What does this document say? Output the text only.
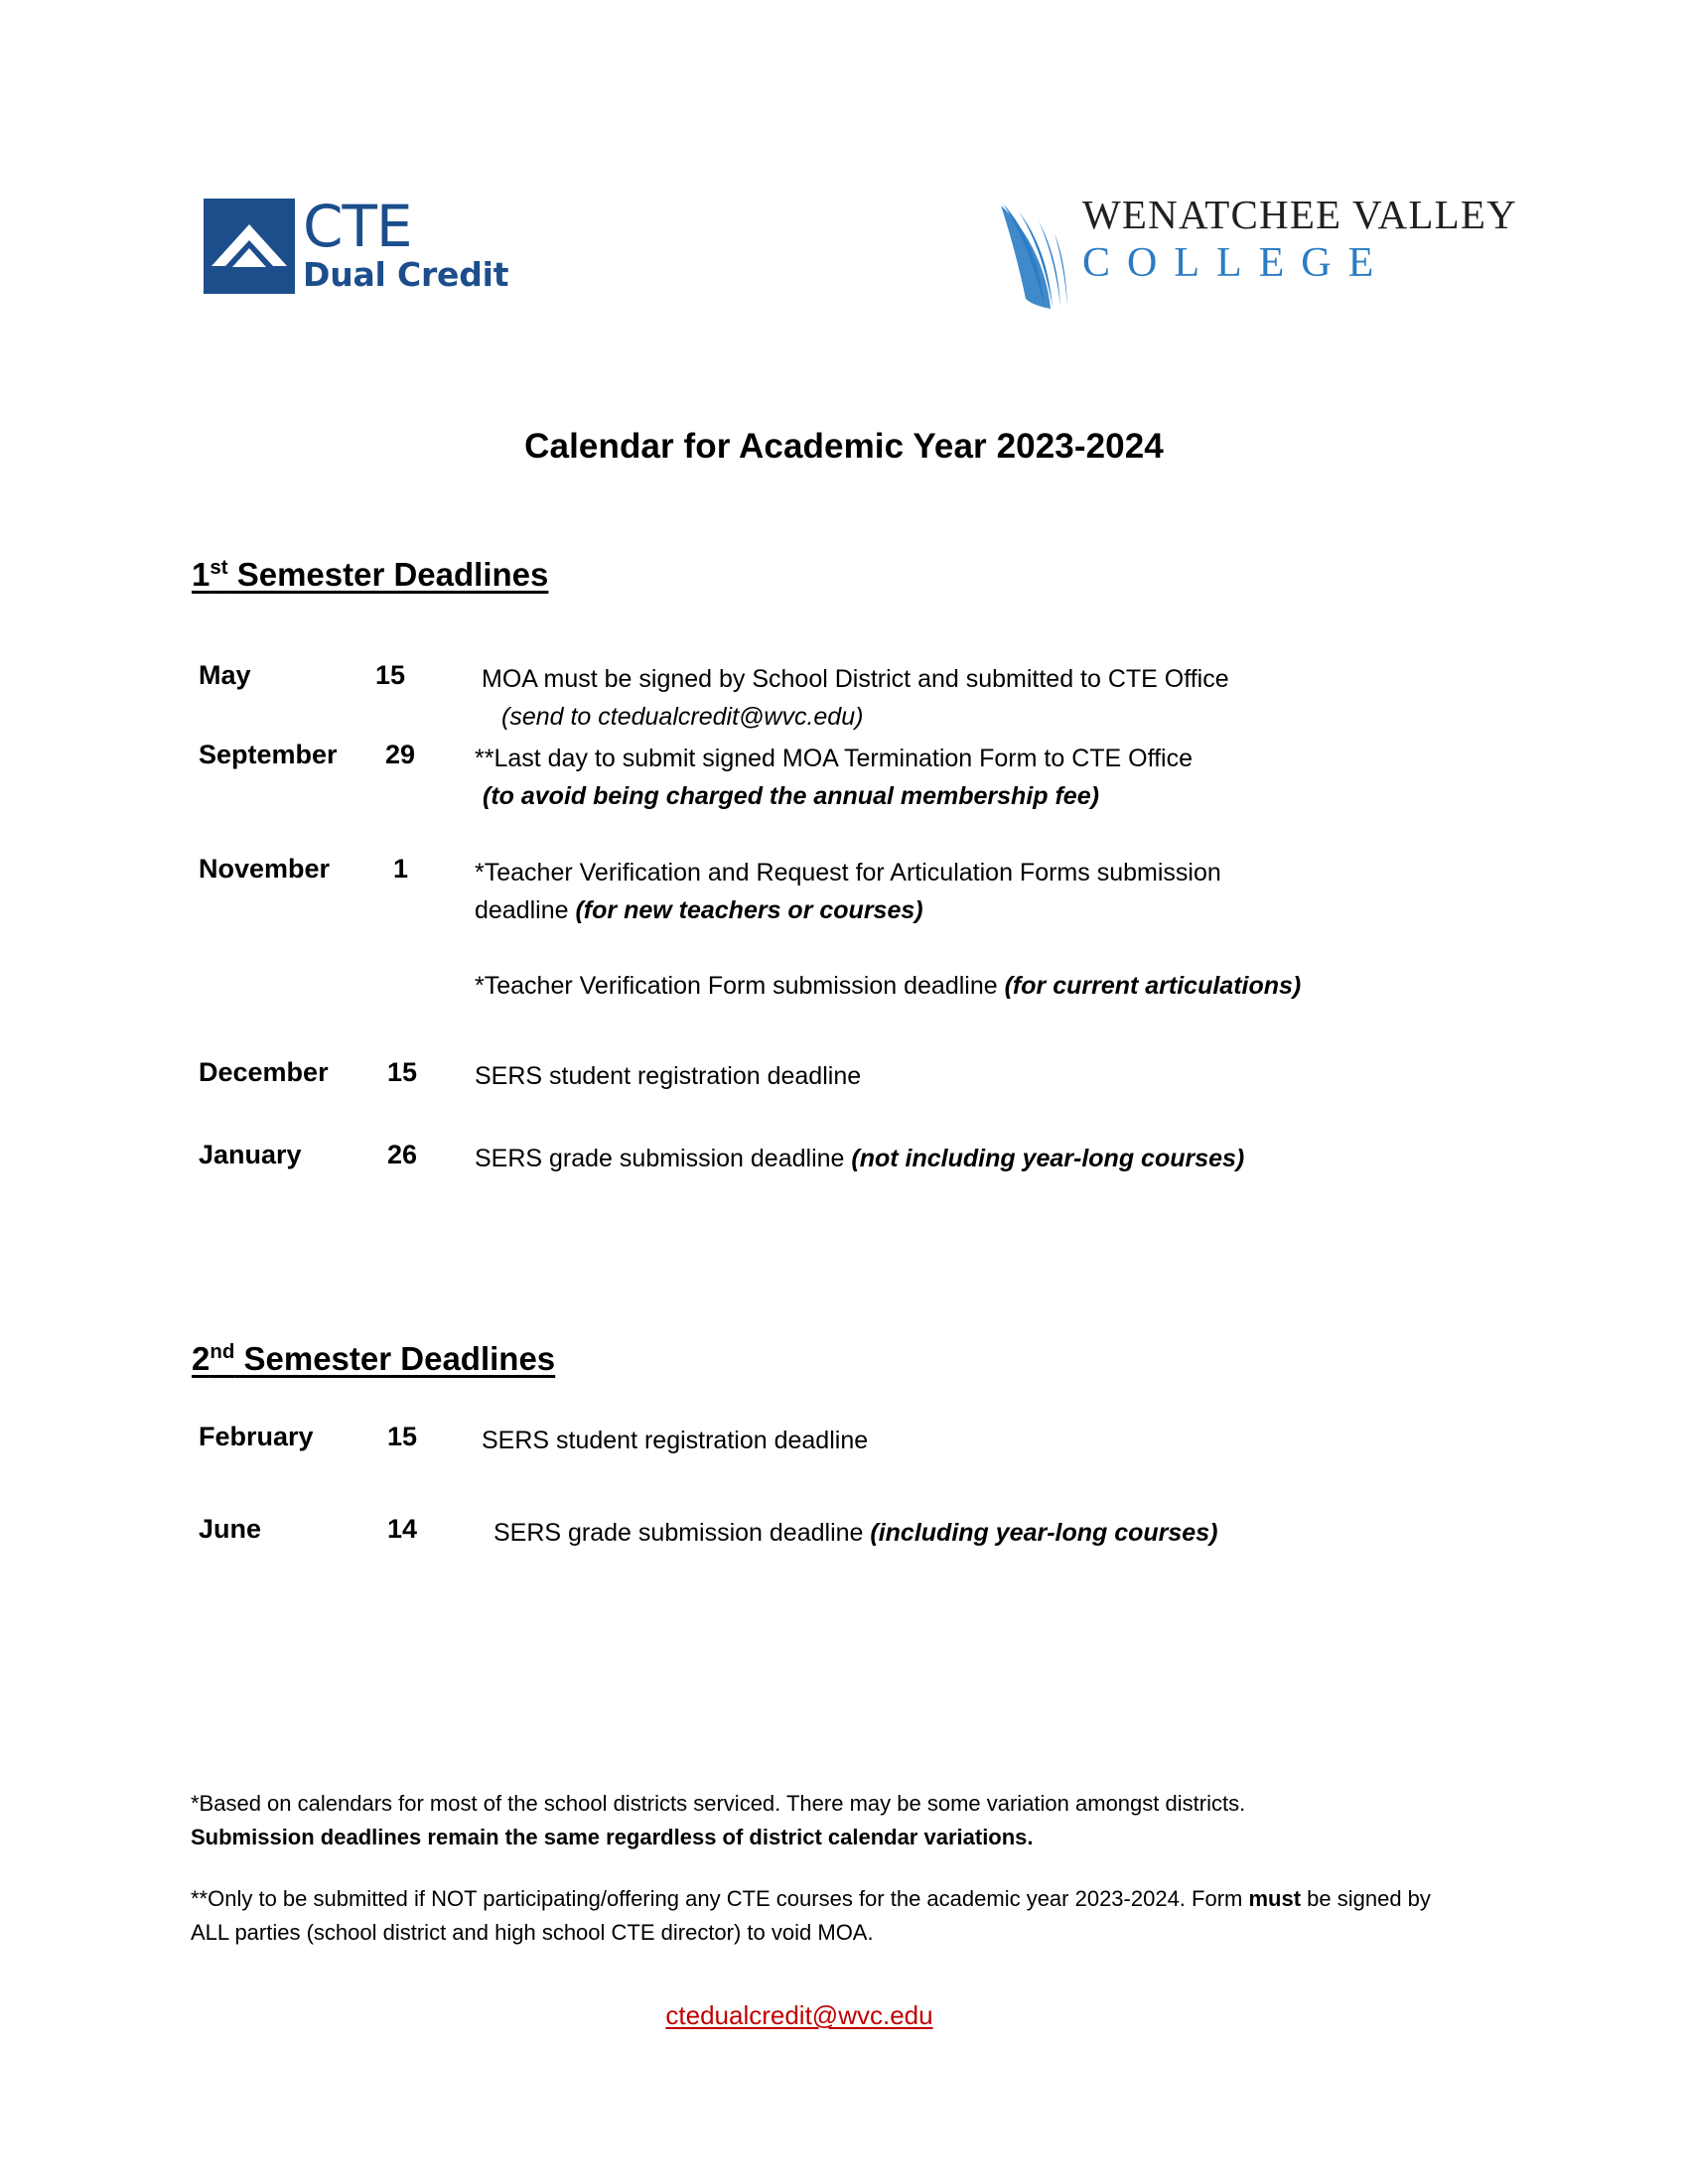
CTE
Dual Credit
WENATCHEE VALLEY
COLLEGE
Calendar for Academic Year 2023-2024
1st Semester Deadlines
May	15	MOA must be signed by School District and submitted to CTE Office
(send to ctedualcredit@wvc.edu)
September 29 **Last day to submit signed MOA Termination Form to CTE Office
(to avoid being charged the annual membership fee)
November 1	*Teacher Verification and Request for Articulation Forms submission
deadline (for new teachers or courses)
*Teacher Verification Form submission deadline (for current articulations)
December 15 SERS student registration deadline
January	26 SERS grade submission deadline (not including year-long courses)
2nd Semester Deadlines
February	15	SERS student registration deadline
June	14	SERS grade submission deadline (including year-long courses)

*Based on calendars for most of the school districts serviced. There may be some variation amongst districts.

Submission deadlines remain the same regardless of district calendar variations.

**Only to be submitted if NOT participating/offering any CTE courses for the academic year 2023-2024. Form must be signed by ALL parties (school district and high school CTE director) to void MOA.

ctedualcredit@wvc.edu
